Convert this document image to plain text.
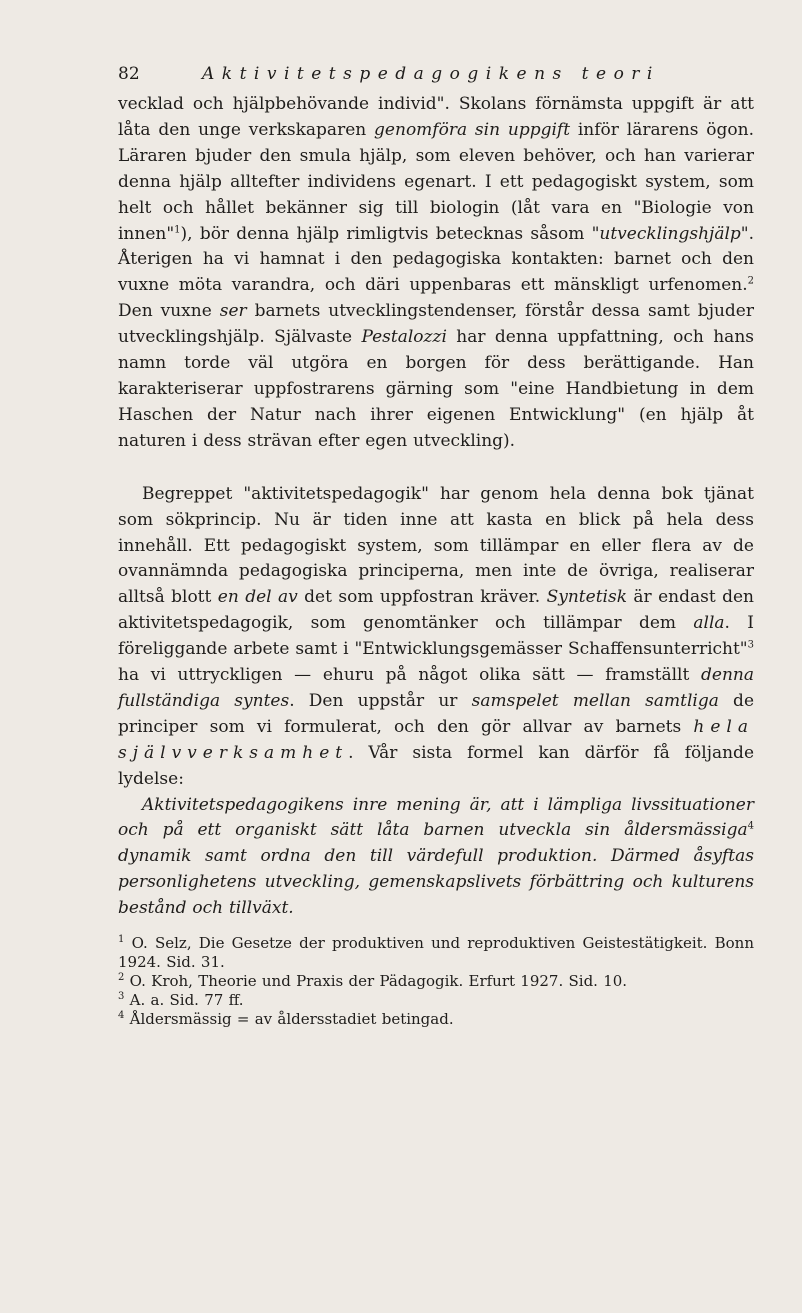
82	Aktivitetspedagogikens teori

vecklad och hjälpbehövande individ". Skolans förnämsta uppgift är att låta den unge verkskaparen genomföra sin uppgift inför lärarens ögon. Läraren bjuder den smula hjälp, som eleven behöver, och han varierar denna hjälp alltefter individens egenart. I ett pedagogiskt system, som helt och hållet bekänner sig till biologin (låt vara en "Biologie von innen"$^1$), bör denna hjälp rimligtvis betecknas såsom "utvecklingshjälp". Återigen ha vi hamnat i den pedagogiska kontakten: barnet och den vuxne möta varandra, och däri uppenbaras ett mänskligt urfenomen.$^2$ Den vuxne ser barnets utvecklingstendenser, förstår dessa samt bjuder utvecklingshjälp. Självaste Pestalozzi har denna uppfattning, och hans namn torde väl utgöra en borgen för dess berättigande. Han karakteriserar uppfostrarens gärning som "eine Handbietung in dem Haschen der Natur nach ihrer eigenen Entwicklung" (en hjälp åt naturen i dess strävan efter egen utveckling).

Begreppet "aktivitetspedagogik" har genom hela denna bok tjänat som sökprincip. Nu är tiden inne att kasta en blick på hela dess innehåll. Ett pedagogiskt system, som tillämpar en eller flera av de ovannämnda pedagogiska principerna, men inte de övriga, realiserar alltså blott en del av det som uppfostran kräver. Syntetisk är endast den aktivitetspedagogik, som genomtänker och tillämpar dem alla. I föreliggande arbete samt i "Entwicklungsgemässer Schaffensunterricht"$^3$ ha vi uttryckligen — ehuru på något olika sätt — framställt denna fullständiga syntes. Den uppstår ur samspelet mellan samtliga de principer som vi formulerat, och den gör allvar av barnets hela självverksamhet. Vår sista formel kan därför få följande lydelse:

Aktivitetspedagogikens inre mening är, att i lämpliga livssituationer och på ett organiskt sätt låta barnen utveckla sin åldersmässiga$^4$ dynamik samt ordna den till värdefull produktion. Därmed åsyftas personlighetens utveckling, gemenskapslivets förbättring och kulturens bestånd och tillväxt.

$^1$ O. Selz, Die Gesetze der produktiven und reproduktiven Geistestätigkeit. Bonn 1924. Sid. 31.

$^2$ O. Kroh, Theorie und Praxis der Pädagogik. Erfurt 1927. Sid. 10.

$^3$ A. a. Sid. 77 ff.

$^4$ Åldersmässig = av åldersstadiet betingad.
